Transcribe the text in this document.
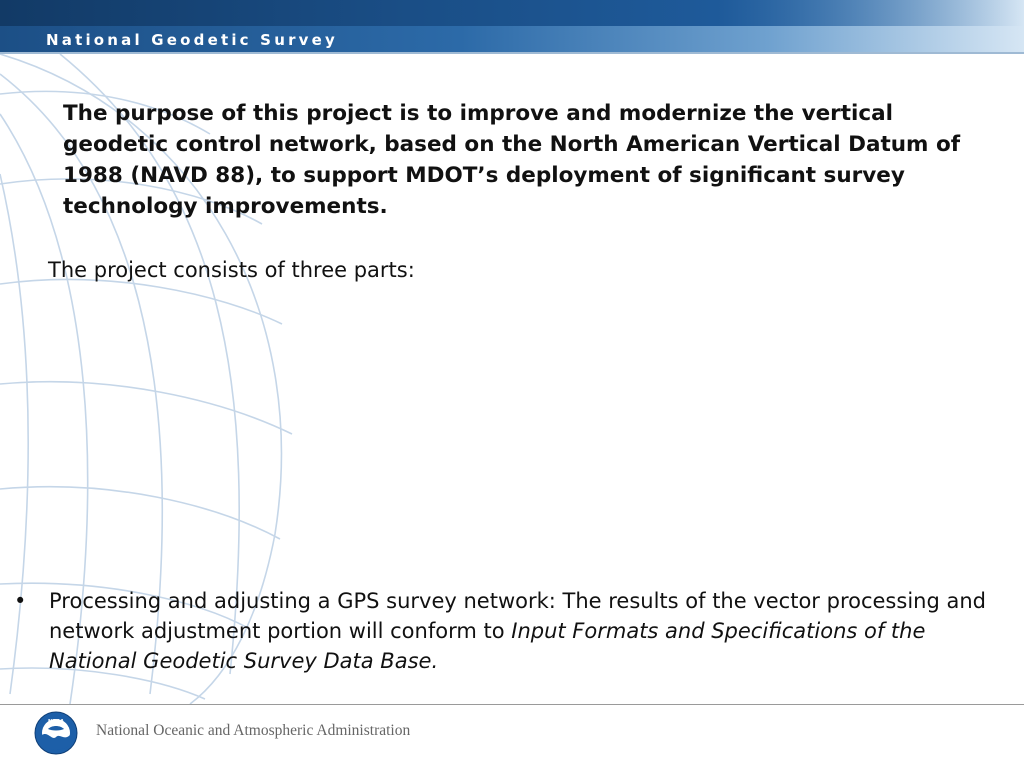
National Geodetic Survey
The purpose of this project is to improve and modernize the vertical geodetic control network, based on the North American Vertical Datum of 1988 (NAVD 88), to support MDOT’s deployment of significant survey technology improvements.
The project consists of three parts:
• Processing and adjusting a GPS survey network: The results of the vector processing and network adjustment portion will conform to Input Formats and Specifications of the National Geodetic Survey Data Base.
NOAA National Oceanic and Atmospheric Administration
